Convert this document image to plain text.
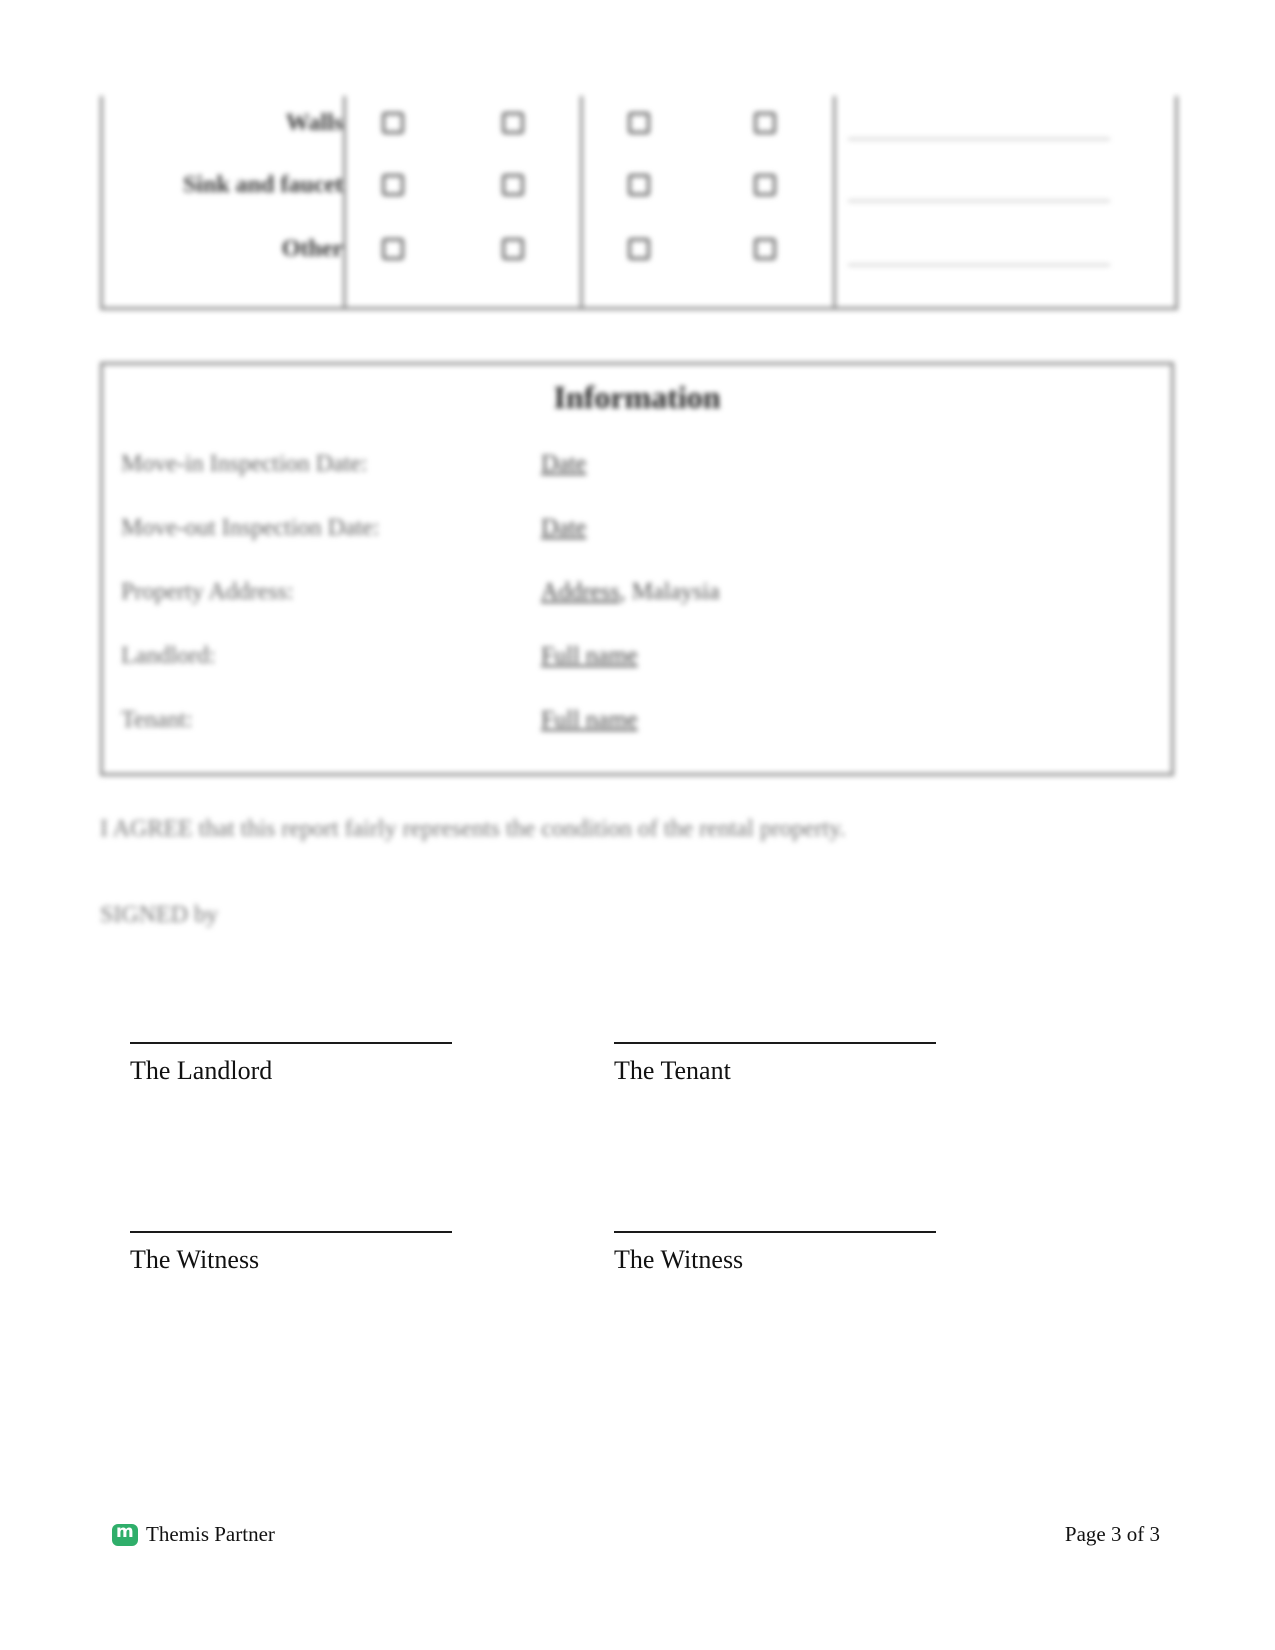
Walls
Sink and faucet
Other
Information
Move-in Inspection Date:	Date
Move-out Inspection Date:	Date
Property Address:	Address, Malaysia
Landlord:	Full name
Tenant:	Full name
I AGREE that this report fairly represents the condition of the rental property.
SIGNED by
The Landlord	The Tenant
The Witness	The Witness
m
Themis Partner	Page 3 of 3
